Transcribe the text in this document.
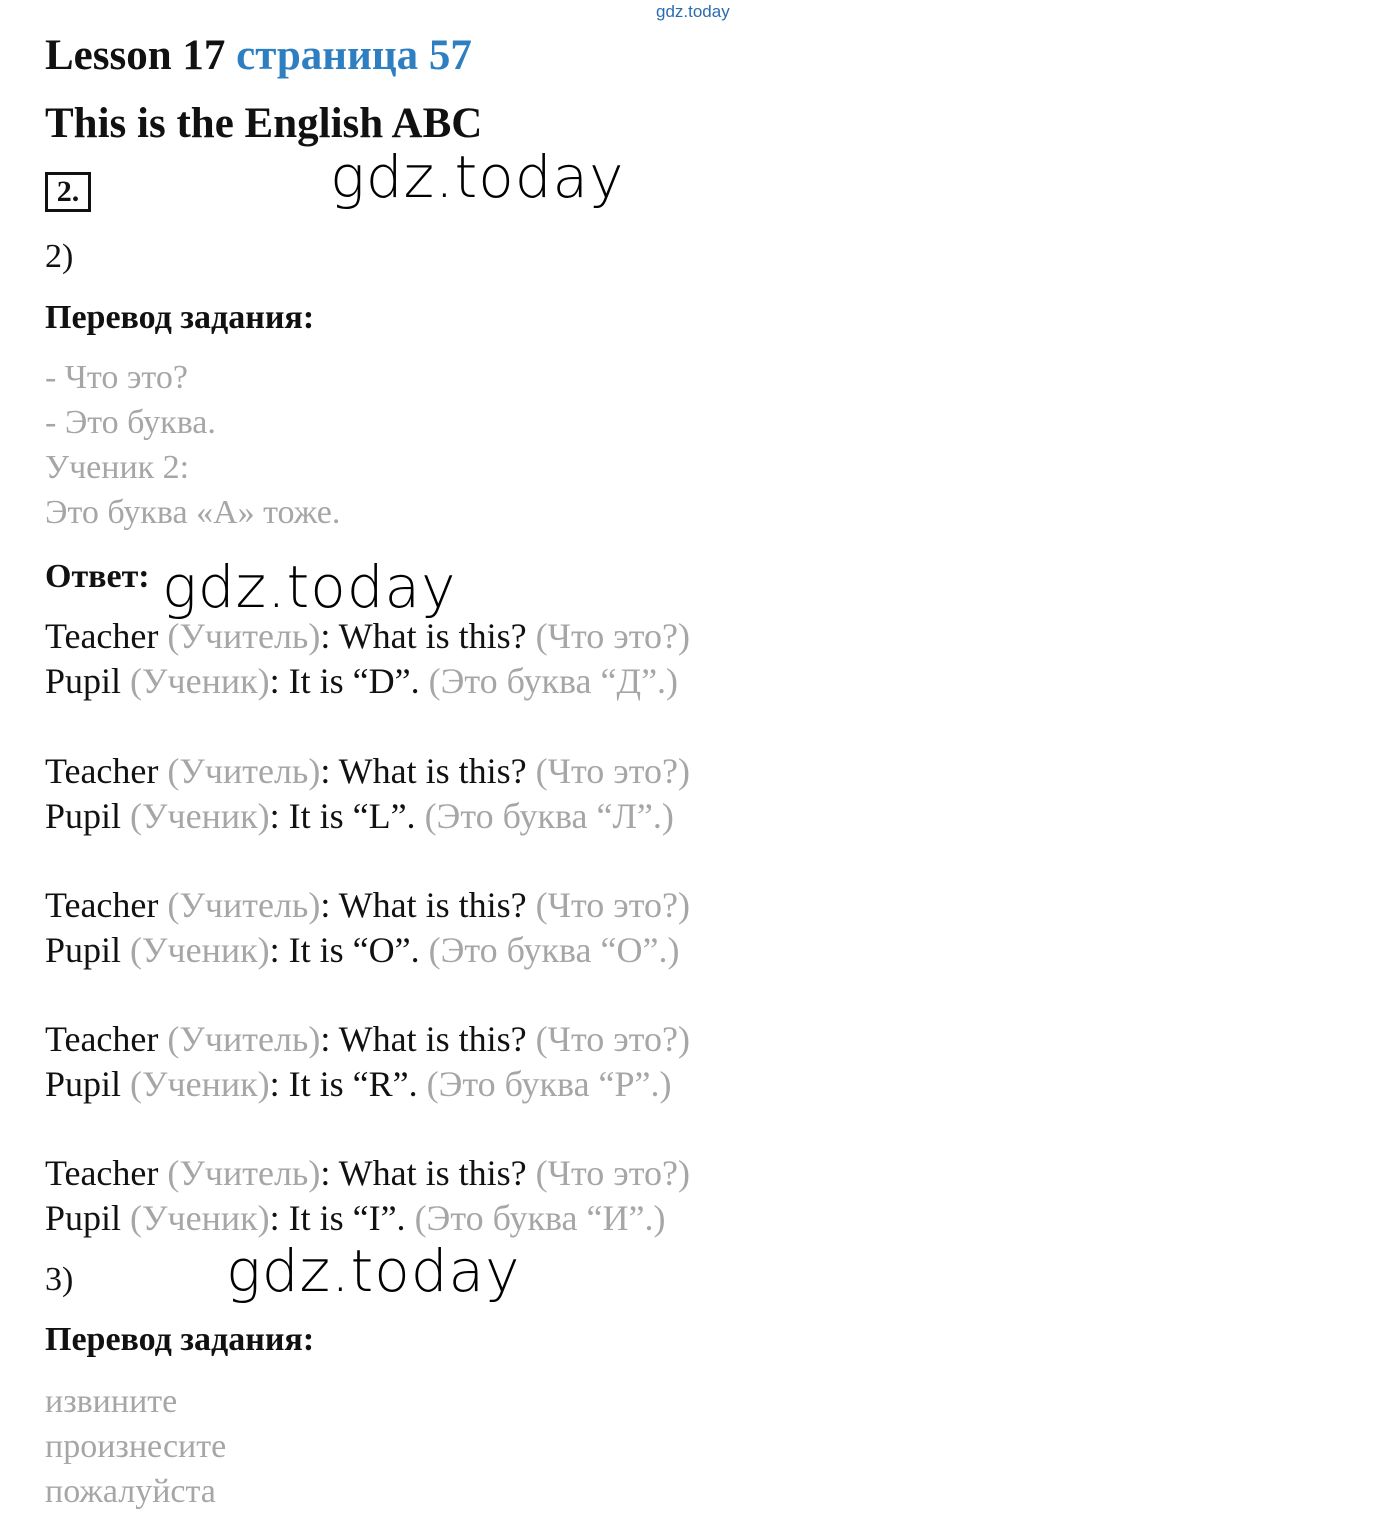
gdz.today
Lesson 17 страница 57
This is the English ABC
2.	gdz.today
gdz.today
gdz.today
2)
Перевод задания:
- Что это?
- Это буква.
Ученик 2:
Это буква «А» тоже.
Ответ:
Teacher (Учитель): What is this? (Что это?)
Pupil (Ученик): It is “D”. (Это буква “Д”.)
Teacher (Учитель): What is this? (Что это?)
Pupil (Ученик): It is “L”. (Это буква “Л”.)
Teacher (Учитель): What is this? (Что это?)
Pupil (Ученик): It is “O”. (Это буква “О”.)
Teacher (Учитель): What is this? (Что это?)
Pupil (Ученик): It is “R”. (Это буква “Р”.)
Teacher (Учитель): What is this? (Что это?)
Pupil (Ученик): It is “I”. (Это буква “И”.)
3)
Перевод задания:
извините
произнесите
пожалуйста
